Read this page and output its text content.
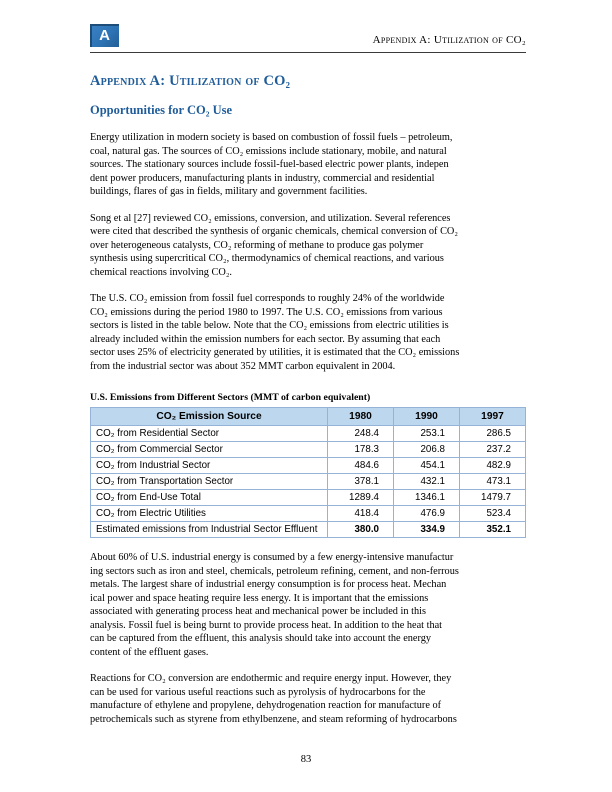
A	Appendix A: Utilization of CO₂
Appendix A: Utilization of CO₂
Opportunities for CO₂ Use
Energy utilization in modern society is based on combustion of fossil fuels – petroleum,
coal, natural gas. The sources of CO₂ emissions include stationary, mobile, and natural
sources. The stationary sources include fossil-fuel-based electric power plants, indepen
dent power producers, manufacturing plants in industry, commercial and residential
buildings, flares of gas in fields, military and government facilities.
Song et al [27] reviewed CO₂ emissions, conversion, and utilization. Several references
were cited that described the synthesis of organic chemicals, chemical conversion of CO₂
over heterogeneous catalysts, CO₂ reforming of methane to produce gas polymer
synthesis using supercritical CO₂, thermodynamics of chemical reactions, and various
chemical reactions involving CO₂.
The U.S. CO₂ emission from fossil fuel corresponds to roughly 24% of the worldwide
CO₂ emissions during the period 1980 to 1997. The U.S. CO₂ emissions from various
sectors is listed in the table below. Note that the CO₂ emissions from electric utilities is
already included within the emission numbers for each sector. By assuming that each
sector uses 25% of electricity generated by utilities, it is estimated that the CO₂ emissions
from the industrial sector was about 352 MMT carbon equivalent in 2004.
U.S. Emissions from Different Sectors (MMT of carbon equivalent)
CO₂ Emission Source	1980	1990	1997
CO₂ from Residential Sector	248.4	253.1	286.5
CO₂ from Commercial Sector	178.3	206.8	237.2
CO₂ from Industrial Sector	484.6	454.1	482.9
CO₂ from Transportation Sector	378.1	432.1	473.1
CO₂ from End-Use Total	1289.4	1346.1	1479.7
CO₂ from Electric Utilities	418.4	476.9	523.4
Estimated emissions from Industrial Sector Effluent	380.0	334.9	352.1
About 60% of U.S. industrial energy is consumed by a few energy-intensive manufactur
ing sectors such as iron and steel, chemicals, petroleum refining, cement, and non-ferrous
metals. The largest share of industrial energy consumption is for process heat. Mechan
ical power and space heating require less energy. It is important that the emissions
associated with generating process heat and mechanical power be included in this
analysis. Fossil fuel is being burnt to provide process heat. In addition to the heat that
can be captured from the effluent, this analysis should take into account the energy
content of the effluent gases.
Reactions for CO₂ conversion are endothermic and require energy input. However, they
can be used for various useful reactions such as pyrolysis of hydrocarbons for the
manufacture of ethylene and propylene, dehydrogenation reaction for manufacture of
petrochemicals such as styrene from ethylbenzene, and steam reforming of hydrocarbons
83
